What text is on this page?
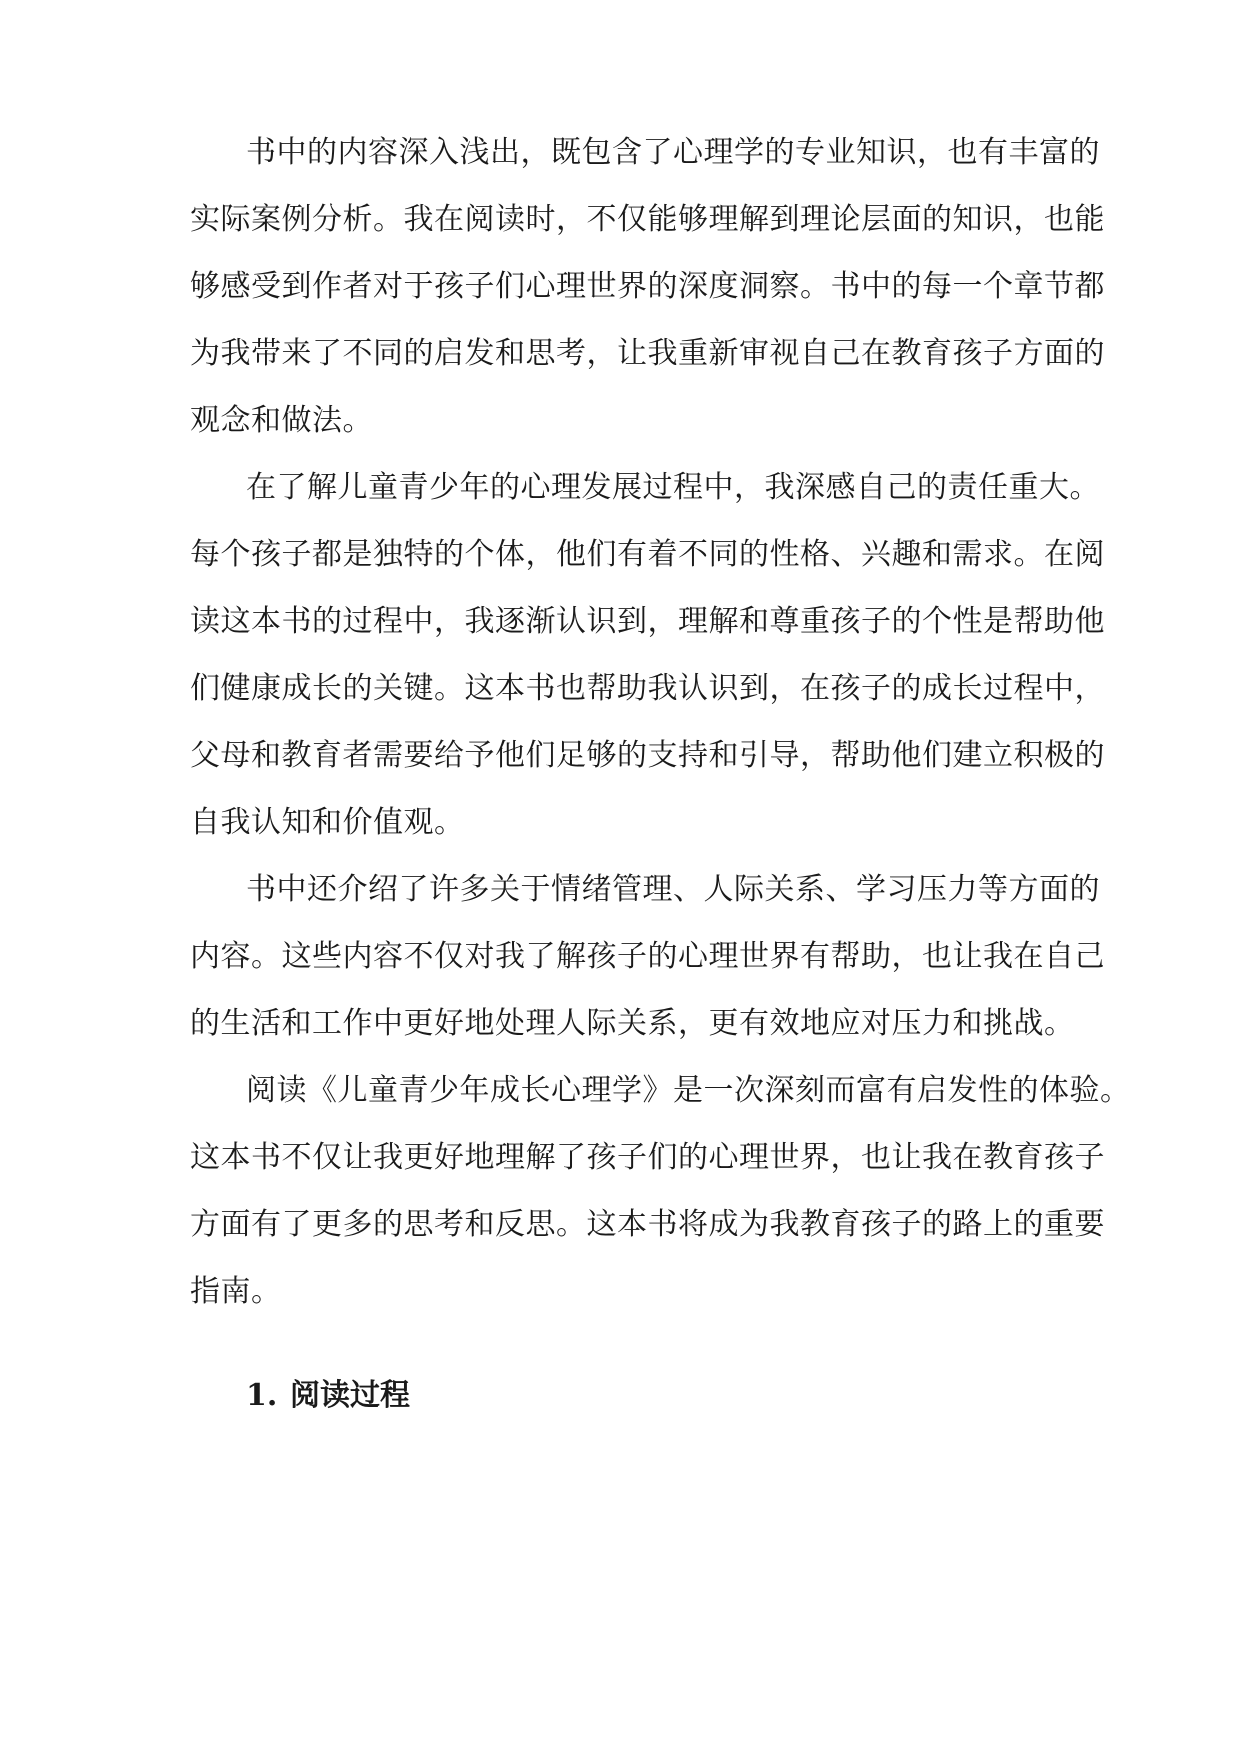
书中的内容深入浅出，既包含了心理学的专业知识，也有丰富的
实际案例分析。我在阅读时，不仅能够理解到理论层面的知识，也能
够感受到作者对于孩子们心理世界的深度洞察。书中的每一个章节都
为我带来了不同的启发和思考，让我重新审视自己在教育孩子方面的
观念和做法。
在了解儿童青少年的心理发展过程中，我深感自己的责任重大。
每个孩子都是独特的个体，他们有着不同的性格、兴趣和需求。在阅
读这本书的过程中，我逐渐认识到，理解和尊重孩子的个性是帮助他
们健康成长的关键。这本书也帮助我认识到，在孩子的成长过程中，
父母和教育者需要给予他们足够的支持和引导，帮助他们建立积极的
自我认知和价值观。
书中还介绍了许多关于情绪管理、人际关系、学习压力等方面的
内容。这些内容不仅对我了解孩子的心理世界有帮助，也让我在自己
的生活和工作中更好地处理人际关系，更有效地应对压力和挑战。
阅读《儿童青少年成长心理学》是一次深刻而富有启发性的体验。
这本书不仅让我更好地理解了孩子们的心理世界，也让我在教育孩子
方面有了更多的思考和反思。这本书将成为我教育孩子的路上的重要
指南。
1. 阅读过程
